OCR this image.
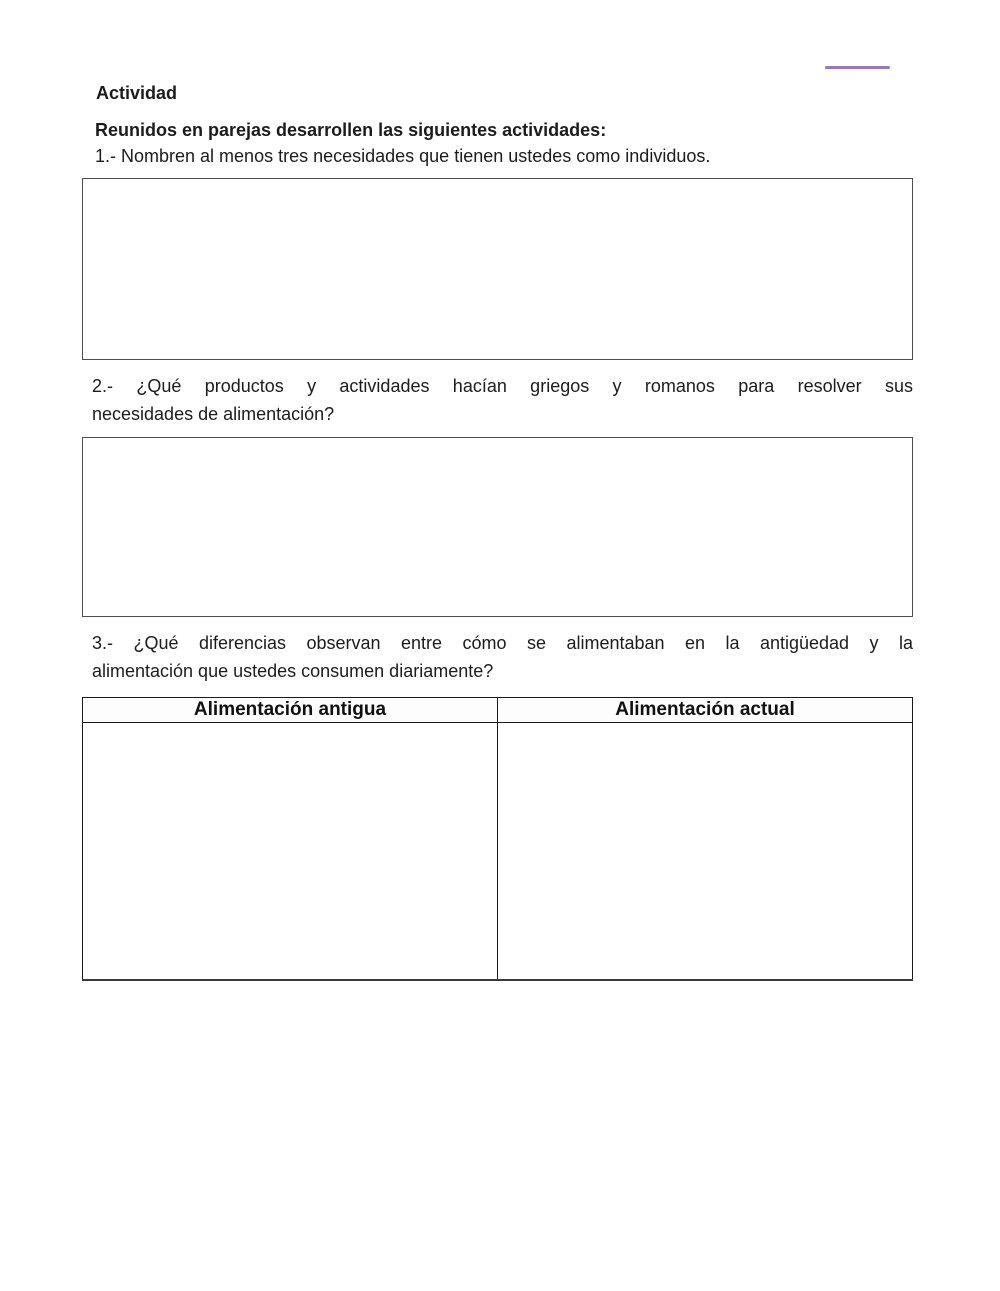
Actividad
Reunidos en parejas desarrollen las siguientes actividades:
1.- Nombren al menos tres necesidades que tienen ustedes como individuos.
2.- ¿Qué productos y actividades hacían griegos y romanos para resolver sus
necesidades de alimentación?
3.- ¿Qué diferencias observan entre cómo se alimentaban en la antigüedad y la
alimentación que ustedes consumen diariamente?
Alimentación antigua	Alimentación actual
